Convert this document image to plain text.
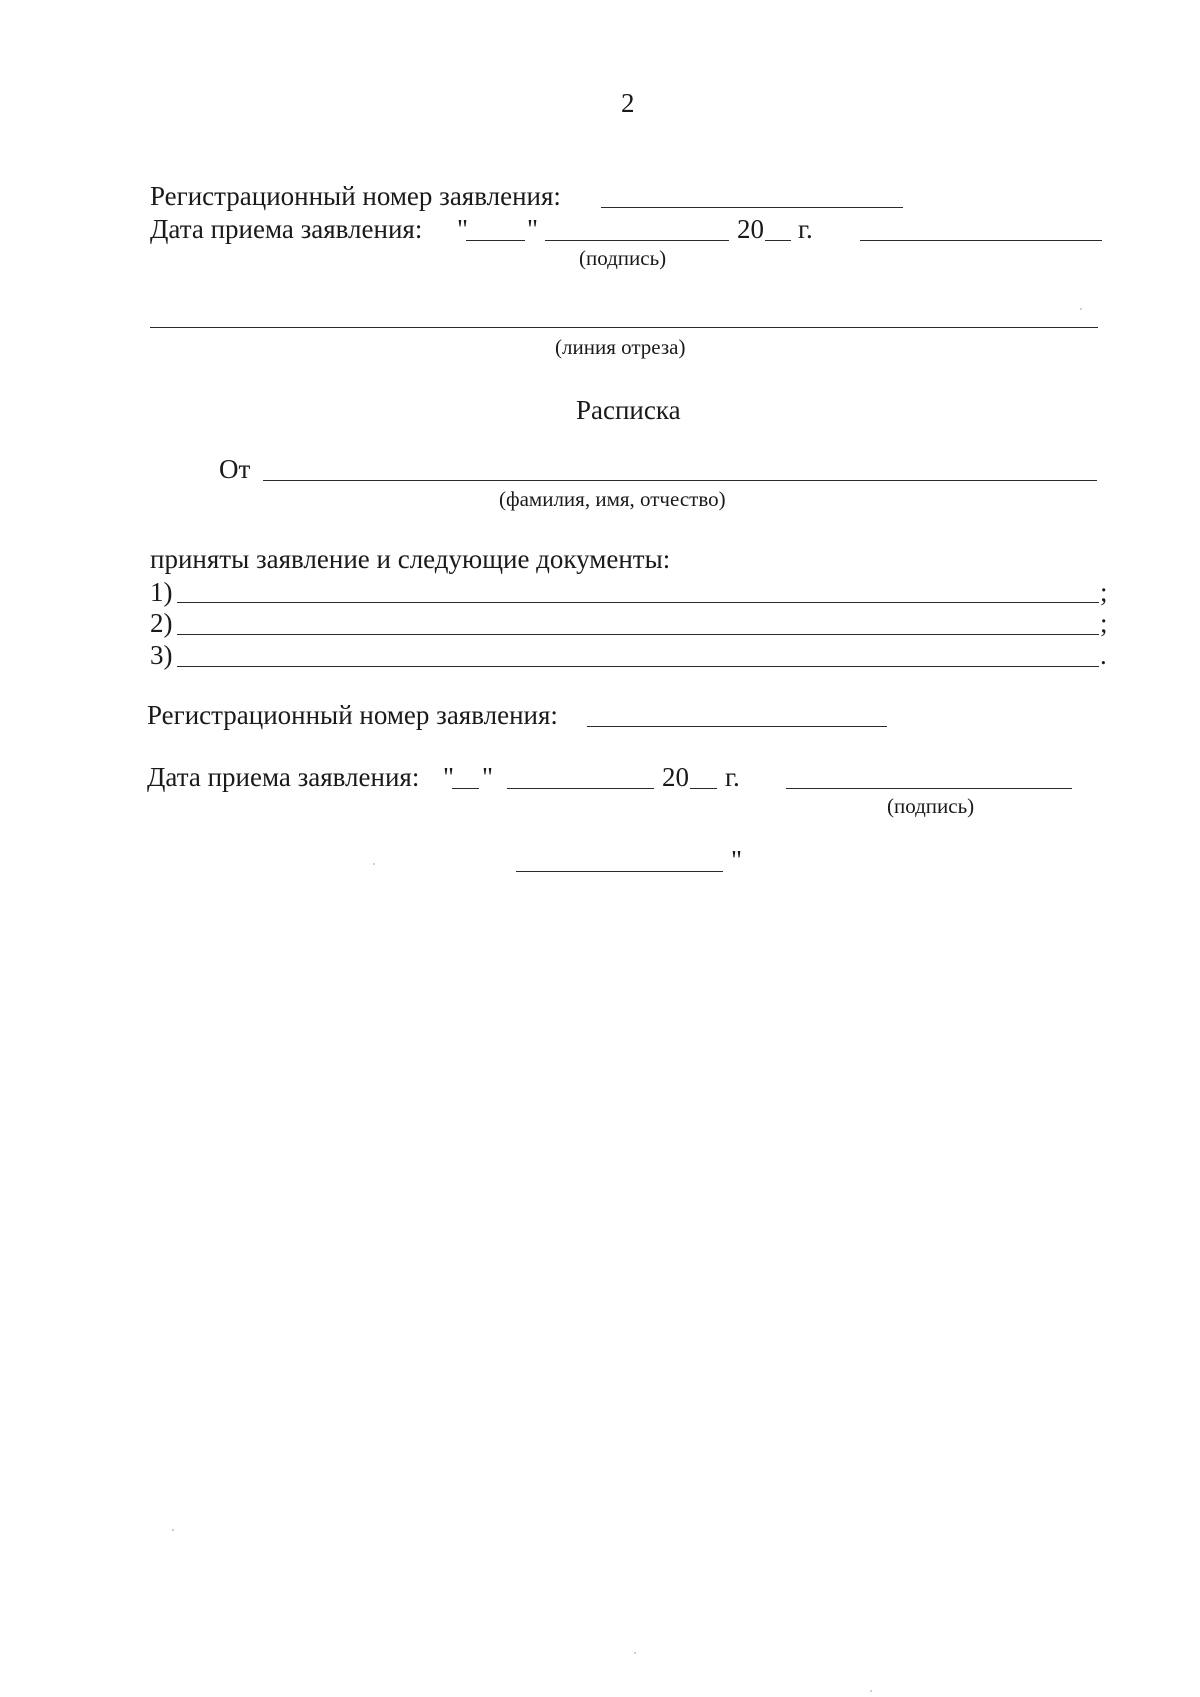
2
Регистрационный номер заявления:
Дата приема заявления: " "	20 г.
(подпись)
(линия отреза)
Расписка
От
(фамилия, имя, отчество)
приняты заявление и следующие документы:
1)	;
2)	;
3)	.
Регистрационный номер заявления:
Дата приема заявления: " "	20 г.
(подпись)
"
